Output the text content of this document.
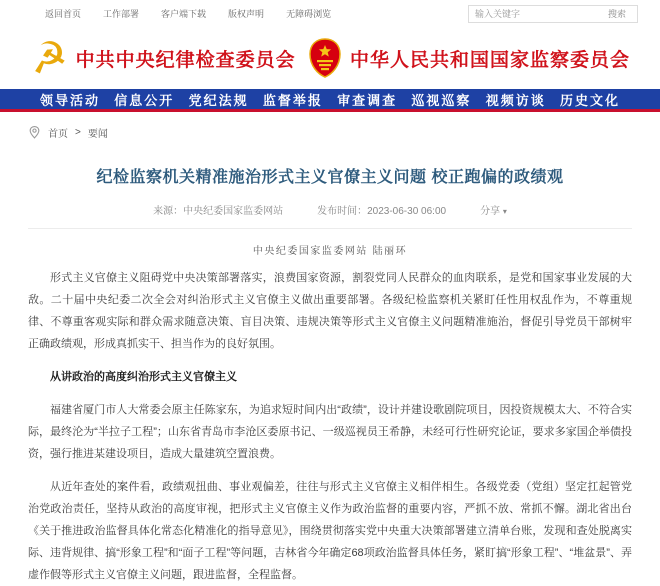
返回首页 工作部署 客户端下载 版权声明 无障碍浏览
输入关键字	搜索
☭ 中共中央纪律检查委员会	中华人民共和国国家监察委员会
领导活动 信息公开 党纪法规 监督举报 审查调查 巡视巡察 视频访谈 历史文化
首页 > 要闻
纪检监察机关精准施治形式主义官僚主义问题 校正跑偏的政绩观
来源：中央纪委国家监委网站	发布时间：2023-06-30 06:00	分享 ▾
中央纪委国家监委网站 陆丽环

形式主义官僚主义阻碍党中央决策部署落实，浪费国家资源，割裂党同人民群众的血肉联系，是党和国家事业发展的大敌。二十届中央纪委二次全会对纠治形式主义官僚主义做出重要部署。各级纪检监察机关紧盯任性用权乱作为，不尊重规律、不尊重客观实际和群众需求随意决策、盲目决策、违规决策等形式主义官僚主义问题精准施治，督促引导党员干部树牢正确政绩观，形成真抓实干、担当作为的良好氛围。

从讲政治的高度纠治形式主义官僚主义

福建省厦门市人大常委会原主任陈家东，为追求短时间内出“政绩”，设计并建设歌剧院项目，因投资规模太大、不符合实际，最终沦为“半拉子工程”；山东省青岛市李沧区委原书记、一级巡视员王希静，未经可行性研究论证，要求多家国企举债投资，强行推进某建设项目，造成大量建筑空置浪费。

从近年查处的案件看，政绩观扭曲、事业观偏差，往往与形式主义官僚主义相伴相生。各级党委（党组）坚定扛起管党治党政治责任，坚持从政治的高度审视，把形式主义官僚主义作为政治监督的重要内容，严抓不放、常抓不懈。湖北省出台《关于推进政治监督具体化常态化精准化的指导意见》，围绕贯彻落实党中央重大决策部署建立清单台账，发现和查处脱离实际、违背规律、搞“形象工程”和“面子工程”等问题，吉林省今年确定68项政治监督具体任务，紧盯搞“形象工程”、“堆盆景”、弄虚作假等形式主义官僚主义问题，跟进监督，全程监督。
